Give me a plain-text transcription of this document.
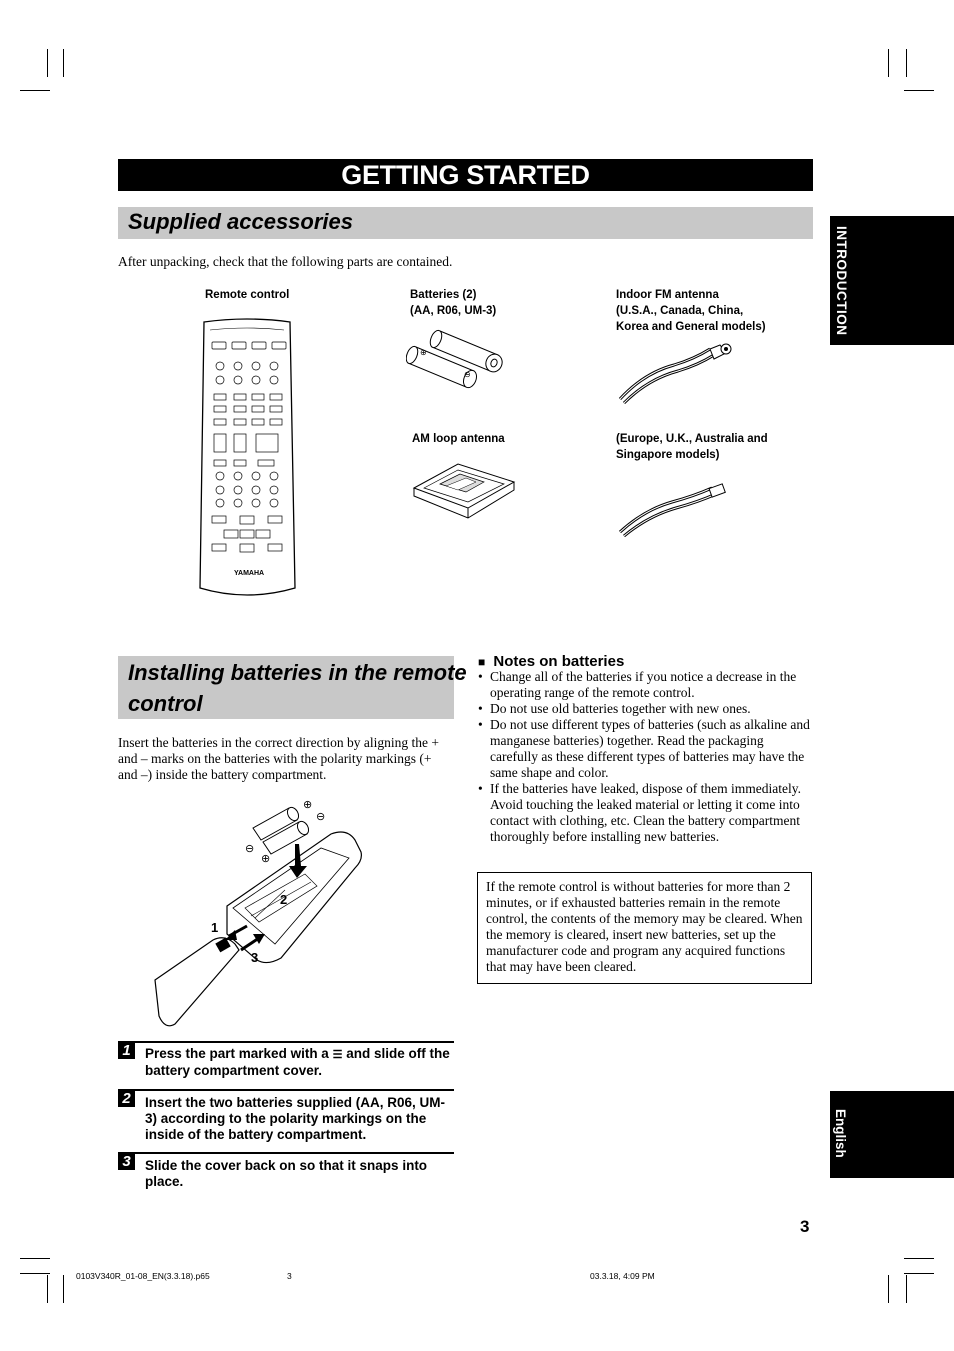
GETTING STARTED
INTRODUCTION
English
Supplied accessories
After unpacking, check that the following parts are contained.
Remote control	Batteries (2)
(AA, R06, UM-3)
Indoor FM antenna
(U.S.A., Canada, China,
Korea and General models)
AM loop antenna	(Europe, U.K., Australia and
Singapore models)
YAMAHA
⊕
⊖
Installing batteries in the remote
control
Insert the batteries in the correct direction by aligning the + and – marks on the batteries with the polarity markings (+ and –) inside the battery compartment.
⊕
⊖
⊖
⊕
1
2
3
1	Press the part marked with a ☰ and slide off the battery compartment cover.
2	Insert the two batteries supplied (AA, R06, UM-3) according to the polarity markings on the inside of the battery compartment.
3	Slide the cover back on so that it snaps into place.
■ Notes on batteries
• Change all of the batteries if you notice a decrease in the operating range of the remote control.
• Do not use old batteries together with new ones.
• Do not use different types of batteries (such as alkaline and manganese batteries) together. Read the packaging carefully as these different types of batteries may have the same shape and color.
• If the batteries have leaked, dispose of them immediately. Avoid touching the leaked material or letting it come into contact with clothing, etc. Clean the battery compartment thoroughly before installing new batteries.
If the remote control is without batteries for more than 2 minutes, or if exhausted batteries remain in the remote control, the contents of the memory may be cleared. When the memory is cleared, insert new batteries, set up the manufacturer code and program any acquired functions that may have been cleared.
3
0103V340R_01-08_EN(3.3.18).p65	3	03.3.18, 4:09 PM
